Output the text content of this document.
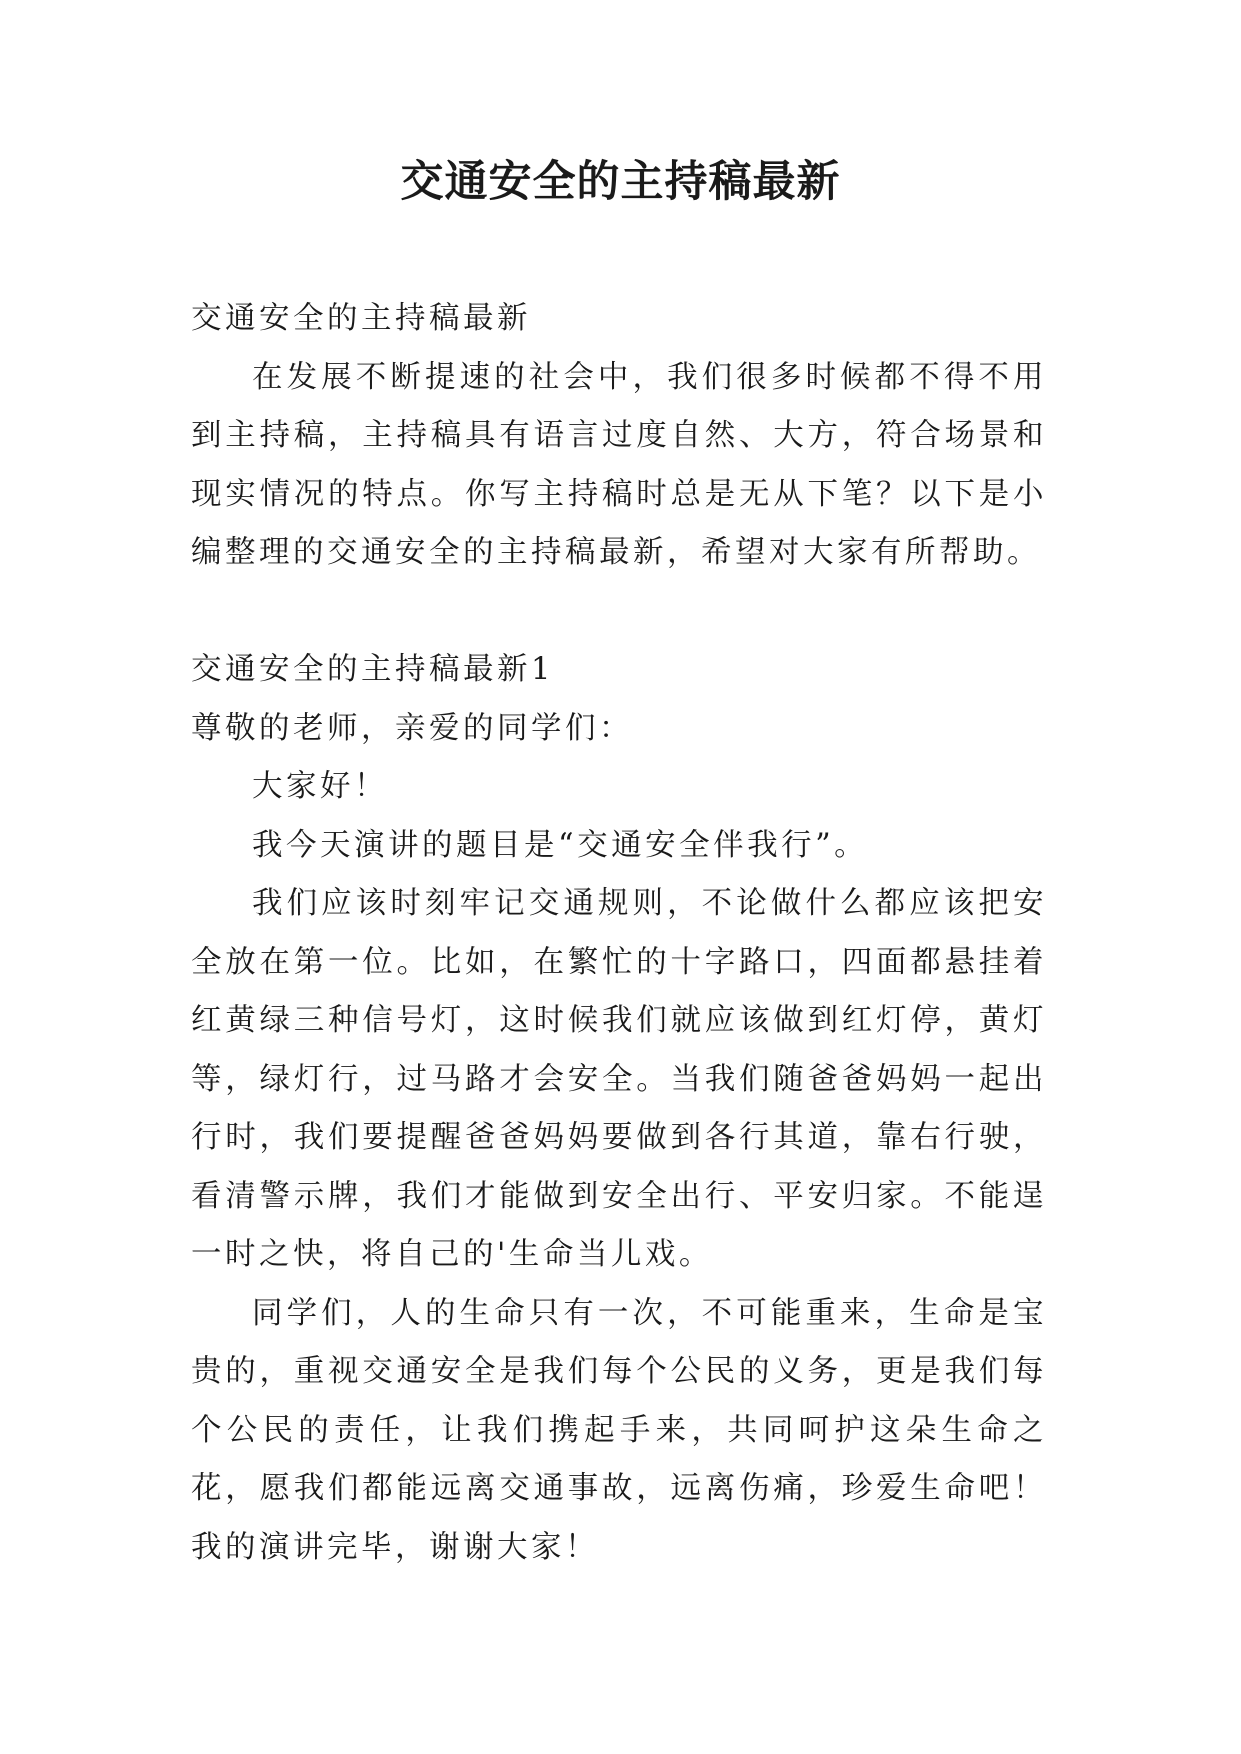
交通安全的主持稿最新

交通安全的主持稿最新

在发展不断提速的社会中，我们很多时候都不得不用到主持稿，主持稿具有语言过度自然、大方，符合场景和现实情况的特点。你写主持稿时总是无从下笔？以下是小编整理的交通安全的主持稿最新，希望对大家有所帮助。

交通安全的主持稿最新1

尊敬的老师，亲爱的同学们：

大家好！

我今天演讲的题目是“交通安全伴我行”。

我们应该时刻牢记交通规则，不论做什么都应该把安全放在第一位。比如，在繁忙的十字路口，四面都悬挂着红黄绿三种信号灯，这时候我们就应该做到红灯停，黄灯等，绿灯行，过马路才会安全。当我们随爸爸妈妈一起出行时，我们要提醒爸爸妈妈要做到各行其道，靠右行驶，看清警示牌，我们才能做到安全出行、平安归家。不能逞一时之快，将自己的'生命当儿戏。

同学们，人的生命只有一次，不可能重来，生命是宝贵的，重视交通安全是我们每个公民的义务，更是我们每个公民的责任，让我们携起手来，共同呵护这朵生命之花，愿我们都能远离交通事故，远离伤痛，珍爱生命吧！我的演讲完毕，谢谢大家！
